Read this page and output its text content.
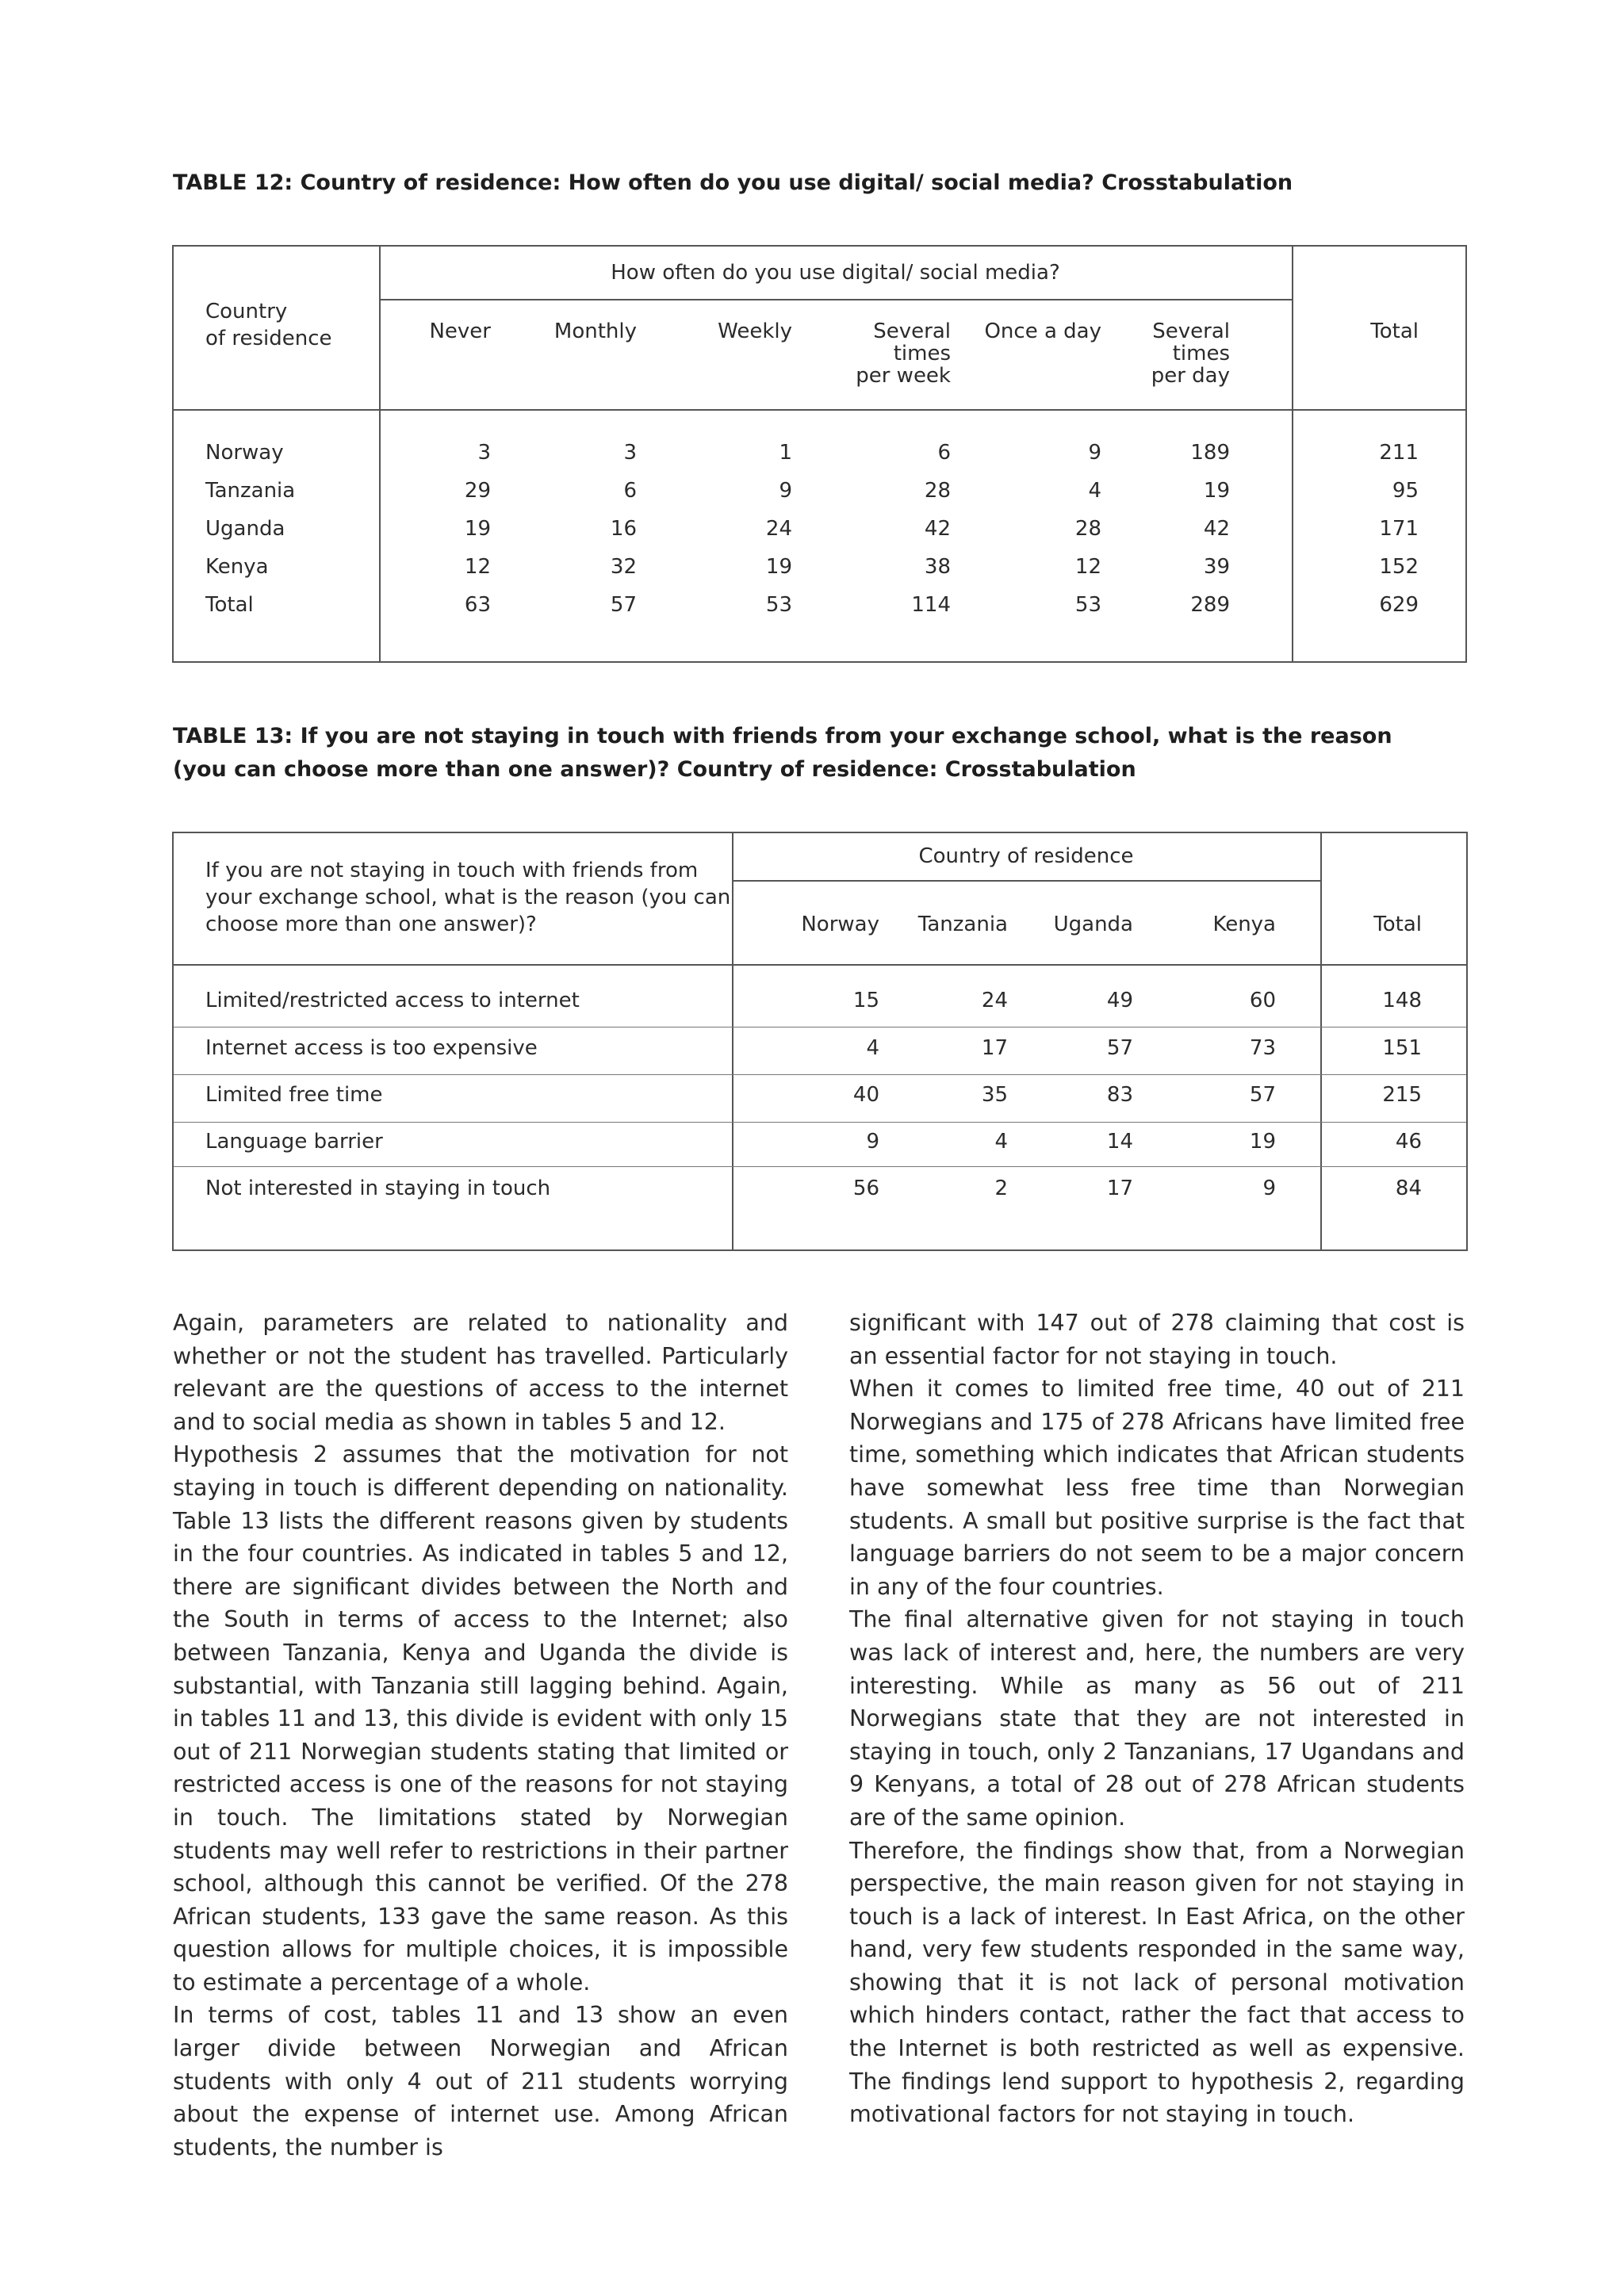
TABLE 12: Country of residence: How often do you use digital/ social media? Crosstabulation
Country
of residence
How often do you use digital/ social media?
Never	Monthly	Weekly	Several
times
per week
Once a day	Several
times
per day
Total
Norway	3	3	1	6	9	189	211
Tanzania	29	6	9	28	4	19	95
Uganda	19	16	24	42	28	42	171
Kenya	12	32	19	38	12	39	152
Total	63	57	53	114	53	289	629
TABLE 13: If you are not staying in touch with friends from your exchange school, what is the reason
(you can choose more than one answer)? Country of residence: Crosstabulation
If you are not staying in touch with friends from
your exchange school, what is the reason (you can
choose more than one answer)?
Country of residence
Norway	Tanzania	Uganda	Kenya	Total
Limited/restricted access to internet	15	24	49	60	148
Internet access is too expensive	4	17	57	73	151
Limited free time	40	35	83	57	215
Language barrier	9	4	14	19	46
Not interested in staying in touch	56	2	17	9	84

Again, parameters are related to nationality and whether or not the student has travelled. Particularly relevant are the questions of access to the internet and to social media as shown in tables 5 and 12.

Hypothesis 2 assumes that the motivation for not staying in touch is different depending on nationality. Table 13 lists the different reasons given by students in the four countries. As indicated in tables 5 and 12, there are significant divides between the North and the South in terms of access to the Internet; also between Tanzania, Kenya and Uganda the divide is substantial, with Tanzania still lagging behind. Again, in tables 11 and 13, this divide is evident with only 15 out of 211 Norwegian students stating that limited or restricted access is one of the reasons for not staying in touch. The limitations stated by Norwegian students may well refer to restrictions in their partner school, although this cannot be verified. Of the 278 African students, 133 gave the same reason. As this question allows for multiple choices, it is impossible to estimate a percentage of a whole.

In terms of cost, tables 11 and 13 show an even larger divide between Norwegian and African students with only 4 out of 211 students worrying about the expense of internet use. Among African students, the number is

significant with 147 out of 278 claiming that cost is an essential factor for not staying in touch.

When it comes to limited free time, 40 out of 211 Norwegians and 175 of 278 Africans have limited free time, something which indicates that African students have somewhat less free time than Norwegian students. A small but positive surprise is the fact that language barriers do not seem to be a major concern in any of the four countries.

The final alternative given for not staying in touch was lack of interest and, here, the numbers are very interesting. While as many as 56 out of 211 Norwegians state that they are not interested in staying in touch, only 2 Tanzanians, 17 Ugandans and 9 Kenyans, a total of 28 out of 278 African students are of the same opinion.

Therefore, the findings show that, from a Norwegian perspective, the main reason given for not staying in touch is a lack of interest. In East Africa, on the other hand, very few students responded in the same way, showing that it is not lack of personal motivation which hinders contact, rather the fact that access to the Internet is both restricted as well as expensive. The findings lend support to hypothesis 2, regarding motivational factors for not staying in touch.
